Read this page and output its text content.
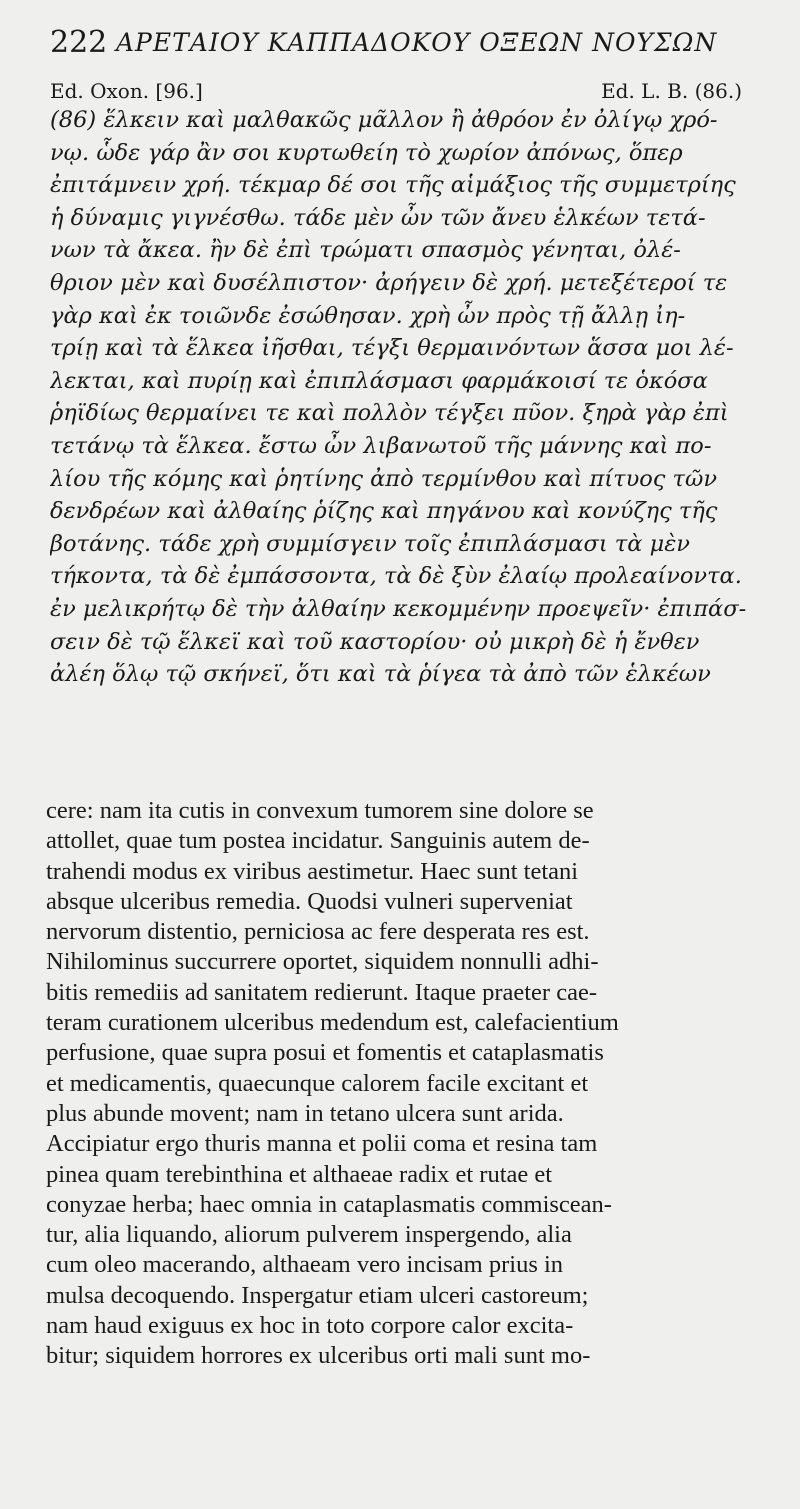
222 ΑΡΕΤΑΙΟΥ ΚΑΠΠΑΔΟΚΟΥ ΟΞΕΩΝ ΝΟΥΣΩΝ
Ed. Oxon. [96.]	Ed. L. B. (86.)
(86) ἕλκειν καὶ μαλθακῶς μᾶλλον ἢ ἀθρόον ἐν ὀλίγῳ χρό-
νῳ. ὧδε γάρ ἂν σοι κυρτωθείη τὸ χωρίον ἀπόνως, ὅπερ
ἐπιτάμνειν χρή. τέκμαρ δέ σοι τῆς αἱμάξιος τῆς συμμετρίης
ἡ δύναμις γιγνέσθω. τάδε μὲν ὦν τῶν ἄνευ ἑλκέων τετά-
νων τὰ ἄκεα. ἢν δὲ ἐπὶ τρώματι σπασμὸς γένηται, ὀλέ-
θριον μὲν καὶ δυσέλπιστον· ἀρήγειν δὲ χρή. μετεξέτεροί τε
γὰρ καὶ ἐκ τοιῶνδε ἐσώθησαν. χρὴ ὦν πρὸς τῇ ἄλλῃ ἰη-
τρίῃ καὶ τὰ ἕλκεα ἰῆσθαι, τέγξι θερμαινόντων ἅσσα μοι λέ-
λεκται, καὶ πυρίῃ καὶ ἐπιπλάσμασι φαρμάκοισί τε ὁκόσα
ῥηϊδίως θερμαίνει τε καὶ πολλὸν τέγξει πῦον. ξηρὰ γὰρ ἐπὶ
τετάνῳ τὰ ἕλκεα. ἔστω ὦν λιβανωτοῦ τῆς μάννης καὶ πο-
λίου τῆς κόμης καὶ ῥητίνης ἀπὸ τερμίνθου καὶ πίτυος τῶν
δενδρέων καὶ ἀλθαίης ῥίζης καὶ πηγάνου καὶ κονύζης τῆς
βοτάνης. τάδε χρὴ συμμίσγειν τοῖς ἐπιπλάσμασι τὰ μὲν
τήκοντα, τὰ δὲ ἐμπάσσοντα, τὰ δὲ ξὺν ἐλαίῳ προλεαίνοντα.
ἐν μελικρήτῳ δὲ τὴν ἀλθαίην κεκομμένην προεψεῖν· ἐπιπάσ-
σειν δὲ τῷ ἕλκεϊ καὶ τοῦ καστορίου· οὐ μικρὴ δὲ ἡ ἔνθεν
ἀλέη ὅλῳ τῷ σκήνεϊ, ὅτι καὶ τὰ ῥίγεα τὰ ἀπὸ τῶν ἑλκέων
cere: nam ita cutis in convexum tumorem sine dolore se
attollet, quae tum postea incidatur. Sanguinis autem de-
trahendi modus ex viribus aestimetur. Haec sunt tetani
absque ulceribus remedia. Quodsi vulneri superveniat
nervorum distentio, perniciosa ac fere desperata res est.
Nihilominus succurrere oportet, siquidem nonnulli adhi-
bitis remediis ad sanitatem redierunt. Itaque praeter cae-
teram curationem ulceribus medendum est, calefacientium
perfusione, quae supra posui et fomentis et cataplasmatis
et medicamentis, quaecunque calorem facile excitant et
plus abunde movent; nam in tetano ulcera sunt arida.
Accipiatur ergo thuris manna et polii coma et resina tam
pinea quam terebinthina et althaeae radix et rutae et
conyzae herba; haec omnia in cataplasmatis commiscean-
tur, alia liquando, aliorum pulverem inspergendo, alia
cum oleo macerando, althaeam vero incisam prius in
mulsa decoquendo. Inspergatur etiam ulceri castoreum;
nam haud exiguus ex hoc in toto corpore calor excita-
bitur; siquidem horrores ex ulceribus orti mali sunt mo-
